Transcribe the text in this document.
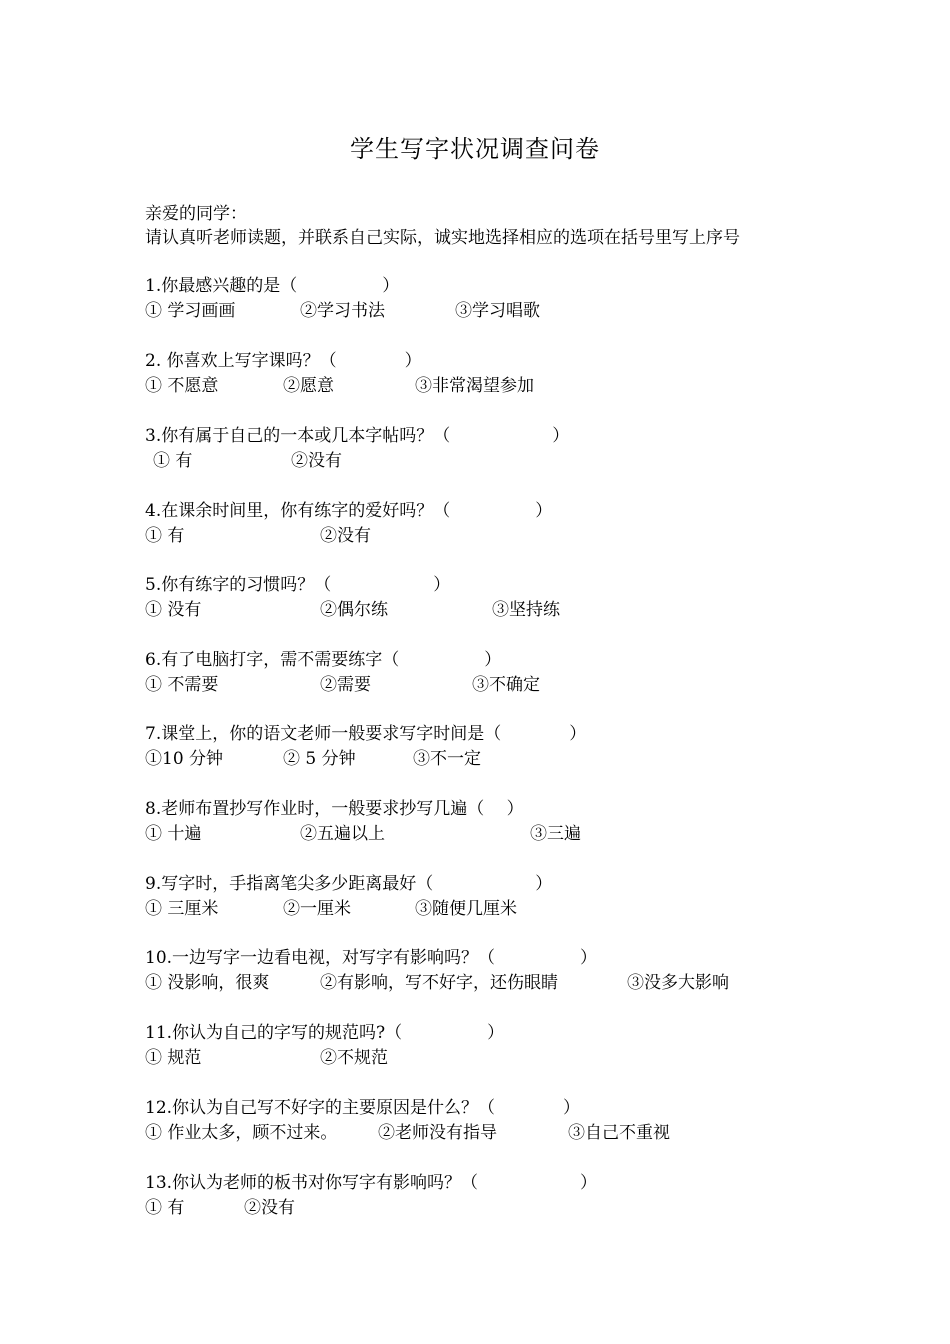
学生写字状况调查问卷
亲爱的同学：
请认真听老师读题，并联系自己实际，诚实地选择相应的选项在括号里写上序号
1.你最感兴趣的是（　　　　　）
① 学习画画	②学习书法	③学习唱歌
2. 你喜欢上写字课吗？（　　　　）
① 不愿意	②愿意	③非常渴望参加
3.你有属于自己的一本或几本字帖吗？（　　　　　　）
① 有	②没有
4.在课余时间里，你有练字的爱好吗？（　　　　　）
① 有	②没有
5.你有练字的习惯吗？（　　　　　　）
① 没有	②偶尔练	③坚持练
6.有了电脑打字，需不需要练字（　　　　　）
① 不需要	②需要	③不确定
7.课堂上，你的语文老师一般要求写字时间是（　　　　）
①10 分钟	② 5 分钟	③不一定
8.老师布置抄写作业时，一般要求抄写几遍（　 ）
① 十遍	②五遍以上	③三遍
9.写字时，手指离笔尖多少距离最好（　　　　　　）
① 三厘米	②一厘米	③随便几厘米
10.一边写字一边看电视，对写字有影响吗？（　　　　　）
① 没影响，很爽	②有影响，写不好字，还伤眼睛	③没多大影响
11.你认为自己的字写的规范吗?（　　　　　）
① 规范	②不规范
12.你认为自己写不好字的主要原因是什么？（　　　　）
① 作业太多，顾不过来。 ②老师没有指导	③自己不重视
13.你认为老师的板书对你写字有影响吗？（　　　　　　）
① 有	②没有
